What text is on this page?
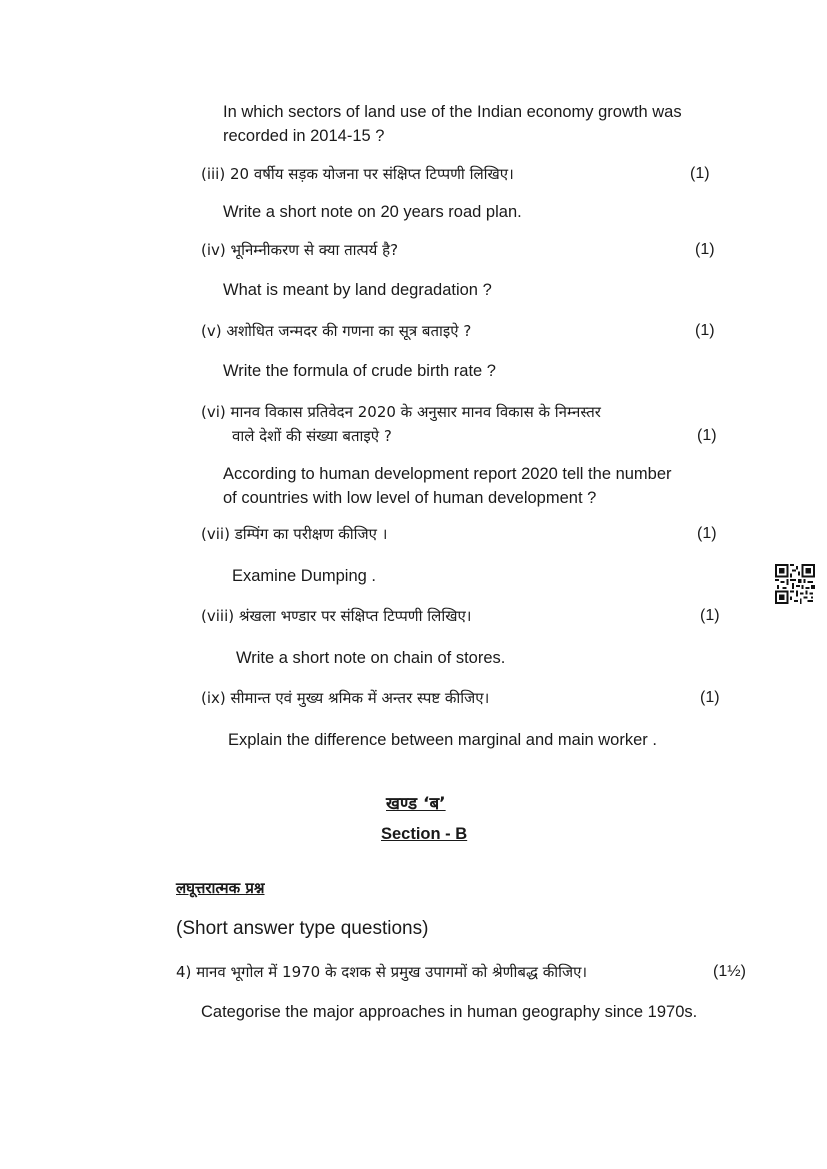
In which sectors of land use of the Indian economy growth was
recorded in 2014-15 ?
(iii) 20 वर्षीय सड़क योजना पर संक्षिप्त टिप्पणी लिखिए।	(1)
Write a short note on 20 years road plan.
(iv) भूनिम्नीकरण से क्या तात्पर्य है?	(1)
What is meant by land degradation ?
(v) अशोधित जन्मदर की गणना का सूत्र बताइऐ ?	(1)
Write the formula of crude birth rate ?
(vi) मानव विकास प्रतिवेदन 2020 के अनुसार मानव विकास के निम्नस्तर
वाले देशों की संख्या बताइऐ ?	(1)
According to human development report 2020 tell the number
of countries with low level of human development ?
(vii) डम्पिंग का परीक्षण कीजिए ।	(1)
Examine Dumping .
(viii) श्रंखला भण्डार पर संक्षिप्त टिप्पणी लिखिए।	(1)
Write a short note on chain of stores.
(ix) सीमान्त एवं मुख्य श्रमिक में अन्तर स्पष्ट कीजिए।	(1)
Explain the difference between marginal and main worker .
खण्ड ‘ब’
Section - B
लघूत्तरात्मक प्रश्न
(Short answer type questions)
4) मानव भूगोल में 1970 के दशक से प्रमुख उपागमों को श्रेणीबद्ध कीजिए।	(1½)
Categorise the major approaches in human geography since 1970s.
